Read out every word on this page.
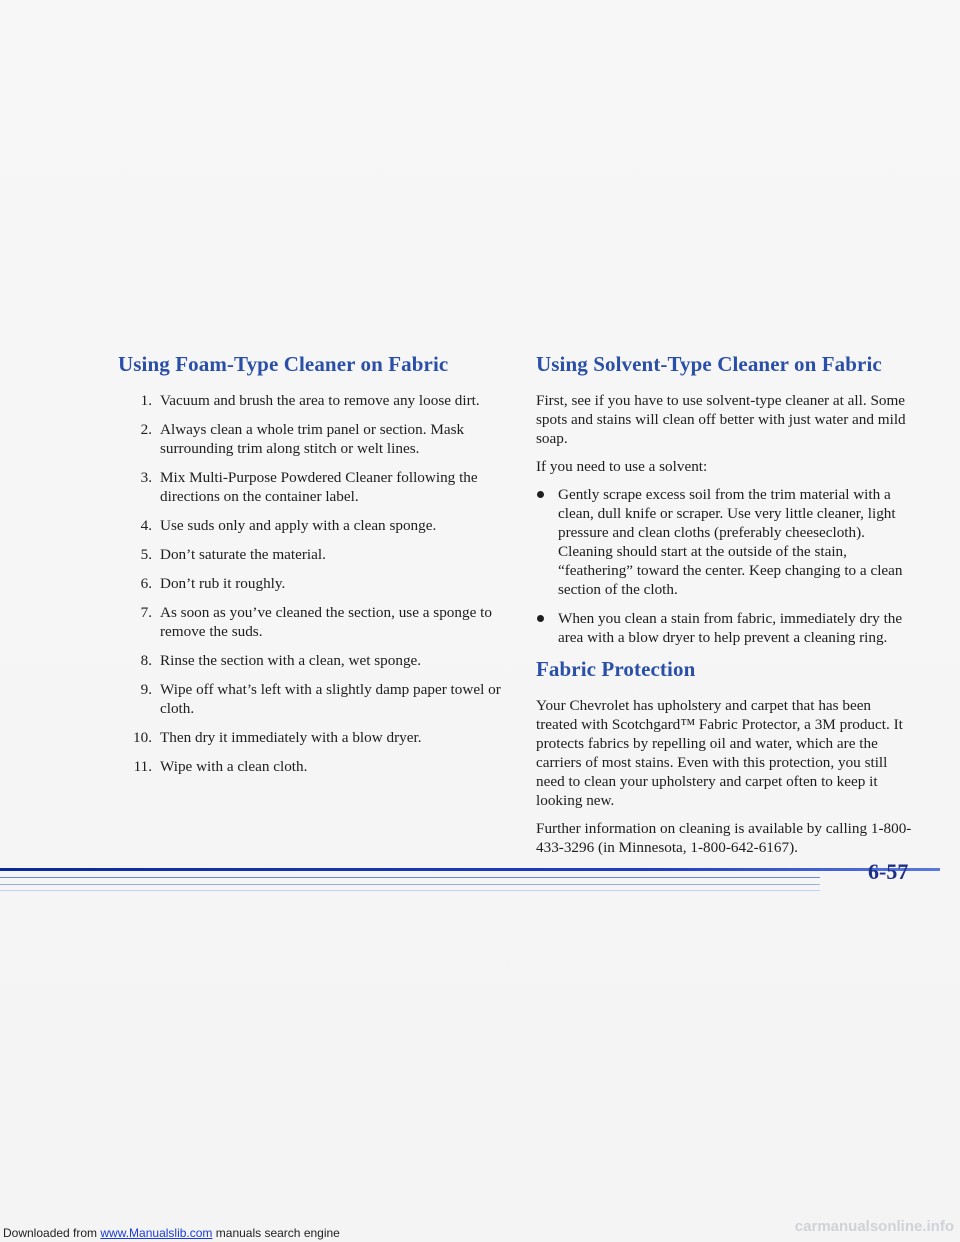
Using Foam-Type Cleaner on Fabric
1. Vacuum and brush the area to remove any loose dirt.
2. Always clean a whole trim panel or section. Mask surrounding trim along stitch or welt lines.
3. Mix Multi-Purpose Powdered Cleaner following the directions on the container label.
4. Use suds only and apply with a clean sponge.
5. Don’t saturate the material.
6. Don’t rub it roughly.
7. As soon as you’ve cleaned the section, use a sponge to remove the suds.
8. Rinse the section with a clean, wet sponge.
9. Wipe off what’s left with a slightly damp paper towel or cloth.
10. Then dry it immediately with a blow dryer.
11. Wipe with a clean cloth.
Using Solvent-Type Cleaner on Fabric

First, see if you have to use solvent-type cleaner at all. Some spots and stains will clean off better with just water and mild soap.

If you need to use a solvent:

Gently scrape excess soil from the trim material with a clean, dull knife or scraper. Use very little cleaner, light pressure and clean cloths (preferably cheesecloth). Cleaning should start at the outside of the stain, “feathering” toward the center. Keep changing to a clean section of the cloth.
When you clean a stain from fabric, immediately dry the area with a blow dryer to help prevent a cleaning ring.
Fabric Protection

Your Chevrolet has upholstery and carpet that has been treated with Scotchgard™ Fabric Protector, a 3M product. It protects fabrics by repelling oil and water, which are the carriers of most stains. Even with this protection, you still need to clean your upholstery and carpet often to keep it looking new.

Further information on cleaning is available by calling 1-800-433-3296 (in Minnesota, 1-800-642-6167).

6-57
Downloaded from www.Manualslib.com manuals search engine	carmanualsonline.info
